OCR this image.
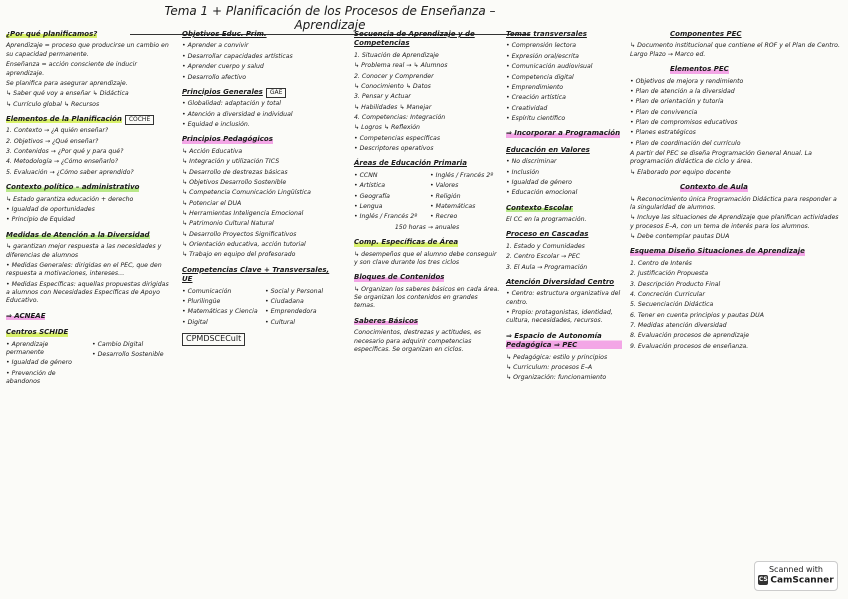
Tema 1 + Planificación de los Procesos de Enseñanza – Aprendizaje
¿Por qué planificamos?
Aprendizaje = proceso que producirse un cambio en su capacidad permanente.
Enseñanza = acción consciente de inducir aprendizaje.
Se planifica para asegurar aprendizaje.
↳ Saber qué voy a enseñar ↳ Didáctica
↳ Currículo global ↳ Recursos
Elementos de la Planificación COCHE
1. Contexto → ¿A quién enseñar?
2. Objetivos → ¿Qué enseñar?
3. Contenidos → ¿Por qué y para qué?
4. Metodología → ¿Cómo enseñarlo?
5. Evaluación → ¿Cómo saber aprendido?
Contexto político – administrativo
↳ Estado garantiza educación + derecho
• Igualdad de oportunidades
• Principio de Equidad
Medidas de Atención a la Diversidad
↳ garantizan mejor respuesta a las necesidades y diferencias de alumnos
• Medidas Generales: dirigidas en el PEC, que den respuesta a motivaciones, intereses…
• Medidas Específicas: aquellas propuestas dirigidas a alumnos con Necesidades Específicas de Apoyo Educativo.
⇒ ACNEAE
Centros SCHIDE
• Aprendizaje permanente
• Igualdad de género
• Prevención de abandonos
• Cambio Digital
• Desarrollo Sostenible
Objetivos Educ. Prim.
• Aprender a convivir
• Desarrollar capacidades artísticas
• Aprender cuerpo y salud
• Desarrollo afectivo
Principios Generales GAE
• Globalidad: adaptación y total
• Atención a diversidad e individual
• Equidad e inclusión.
Principios Pedagógicos
↳ Acción Educativa
↳ Integración y utilización TICS
↳ Desarrollo de destrezas básicas
↳ Objetivos Desarrollo Sostenible
↳ Competencia Comunicación Lingüística
↳ Potenciar el DUA
↳ Herramientas Inteligencia Emocional
↳ Patrimonio Cultural Natural
↳ Desarrollo Proyectos Significativos
↳ Orientación educativa, acción tutorial
↳ Trabajo en equipo del profesorado
Competencias Clave + Transversales, UE
• Comunicación
• Plurilingüe
• Matemáticas y Ciencia
• Digital
• Social y Personal
• Ciudadana
• Emprendedora
• Cultural
CPMDSCECult
Secuencia de Aprendizaje y de Competencias
1. Situación de Aprendizaje
↳ Problema real → ↳ Alumnos
2. Conocer y Comprender
↳ Conocimiento ↳ Datos
3. Pensar y Actuar
↳ Habilidades ↳ Manejar
4. Competencias: Integración
↳ Logros ↳ Reflexión
• Competencias específicas
• Descriptores operativos
Áreas de Educación Primaria
• CCNN
• Artística
• Geografía
• Lengua
• Inglés / Francés 2º
• Inglés / Francés 2º
• Valores
• Religión
• Matemáticas
• Recreo
150 horas → anuales
Comp. Específicas de Área
↳ desempeños que el alumno debe conseguir y son clave durante los tres ciclos
Bloques de Contenidos
↳ Organizan los saberes básicos en cada área. Se organizan los contenidos en grandes temas.
Saberes Básicos
Conocimientos, destrezas y actitudes, es necesario para adquirir competencias específicas. Se organizan en ciclos.
Temas transversales
• Comprensión lectora
• Expresión oral/escrita
• Comunicación audiovisual
• Competencia digital
• Emprendimiento
• Creación artística
• Creatividad
• Espíritu científico
⇒ Incorporar a Programación Educación en Valores
• No discriminar
• Inclusión
• Igualdad de género
• Educación emocional
Contexto Escolar
El CC en la programación.
Proceso en Cascadas
1. Estado y Comunidades
2. Centro Escolar → PEC
3. El Aula → Programación
Atención Diversidad Centro
• Centro: estructura organizativa del centro.
• Propio: protagonistas, identidad, cultura, necesidades, recursos.
⇒ Espacio de Autonomía Pedagógica ⇒ PEC
↳ Pedagógica: estilo y principios
↳ Curriculum: procesos E–A
↳ Organización: funcionamiento
Componentes PEC
↳ Documento institucional que contiene el ROF y el Plan de Centro. Largo Plazo → Marco ed.
Elementos PEC
• Objetivos de mejora y rendimiento
• Plan de atención a la diversidad
• Plan de orientación y tutoría
• Plan de convivencia
• Plan de compromisos educativos
• Planes estratégicos
• Plan de coordinación del currículo
A partir del PEC se diseña Programación General Anual. La programación didáctica de ciclo y área.
↳ Elaborado por equipo docente
Contexto de Aula
↳ Reconocimiento única Programación Didáctica para responder a la singularidad de alumnos.
↳ Incluye las situaciones de Aprendizaje que planifican actividades y procesos E–A, con un tema de interés para los alumnos.
↳ Debe contemplar pautas DUA
Esquema Diseño Situaciones de Aprendizaje
1. Centro de Interés
2. Justificación Propuesta
3. Descripción Producto Final
4. Concreción Curricular
5. Secuenciación Didáctica
6. Tener en cuenta principios y pautas DUA
7. Medidas atención diversidad
8. Evaluación procesos de aprendizaje
9. Evaluación procesos de enseñanza.
Scanned with
CS CamScanner
